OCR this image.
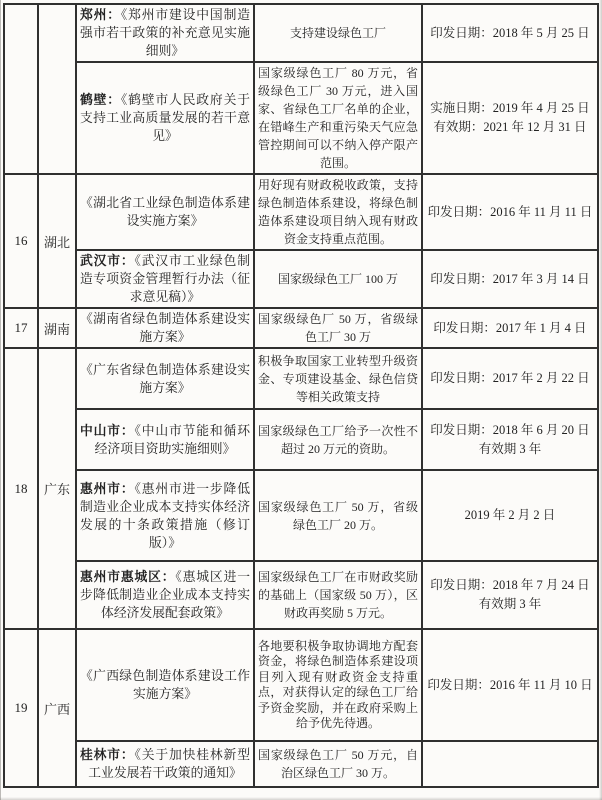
		郑州：《郑州市建设中国制造强市若干政策的补充意见实施细则》	支持建设绿色工厂	印发日期：2018 年 5 月 25 日

		鹤壁：《鹤壁市人民政府关于支持工业高质量发展的若干意见》	国家级绿色工厂 80 万元，省级绿色工厂 30 万元，进入国家、省绿色工厂名单的企业，在错峰生产和重污染天气应急管控期间可以不纳入停产限产范围。	实施日期：2019 年 4 月 25 日
有效期：2021 年 12 月 31 日

16	湖北	《湖北省工业绿色制造体系建设实施方案》	用好现有财政税收政策，支持绿色制造体系建设，将绿色制造体系建设项目纳入现有财政资金支持重点范围。	印发日期：2016 年 11 月 11 日

		武汉市：《武汉市工业绿色制造专项资金管理暂行办法（征求意见稿）》	国家级绿色工厂 100 万	印发日期：2017 年 3 月 14 日

17	湖南	《湖南省绿色制造体系建设实施方案》	国家级绿色厂 50 万，省级绿色工厂 30 万	印发日期：2017 年 1 月 4 日

18	广东	《广东省绿色制造体系建设实施方案》	积极争取国家工业转型升级资金、专项建设基金、绿色信贷等相关政策支持	印发日期：2017 年 2 月 22 日

		中山市：《中山市节能和循环经济项目资助实施细则》	国家级绿色工厂给予一次性不超过 20 万元的资助。	印发日期：2018 年 6 月 20 日
有效期 3 年

		惠州市：《惠州市进一步降低制造业企业成本支持实体经济发展的十条政策措施（修订版）》	国家级绿色工厂 50 万，省级绿色工厂 20 万。	2019 年 2 月 2 日

		惠州市惠城区：《惠城区进一步降低制造业企业成本支持实体经济发展配套政策》	国家级绿色工厂在市财政奖励的基础上（国家级 50 万），区财政再奖励 5 万元。	印发日期：2018 年 7 月 24 日
有效期 3 年

19	广西	《广西绿色制造体系建设工作实施方案》	各地要积极争取协调地方配套资金，将绿色制造体系建设项目列入现有财政资金支持重点，对获得认定的绿色工厂给予资金奖励，并在政府采购上给予优先待遇。	印发日期：2016 年 11 月 10 日

		桂林市：《关于加快桂林新型工业发展若干政策的通知》	国家级绿色工厂 50 万元，自治区绿色工厂 30 万。	
